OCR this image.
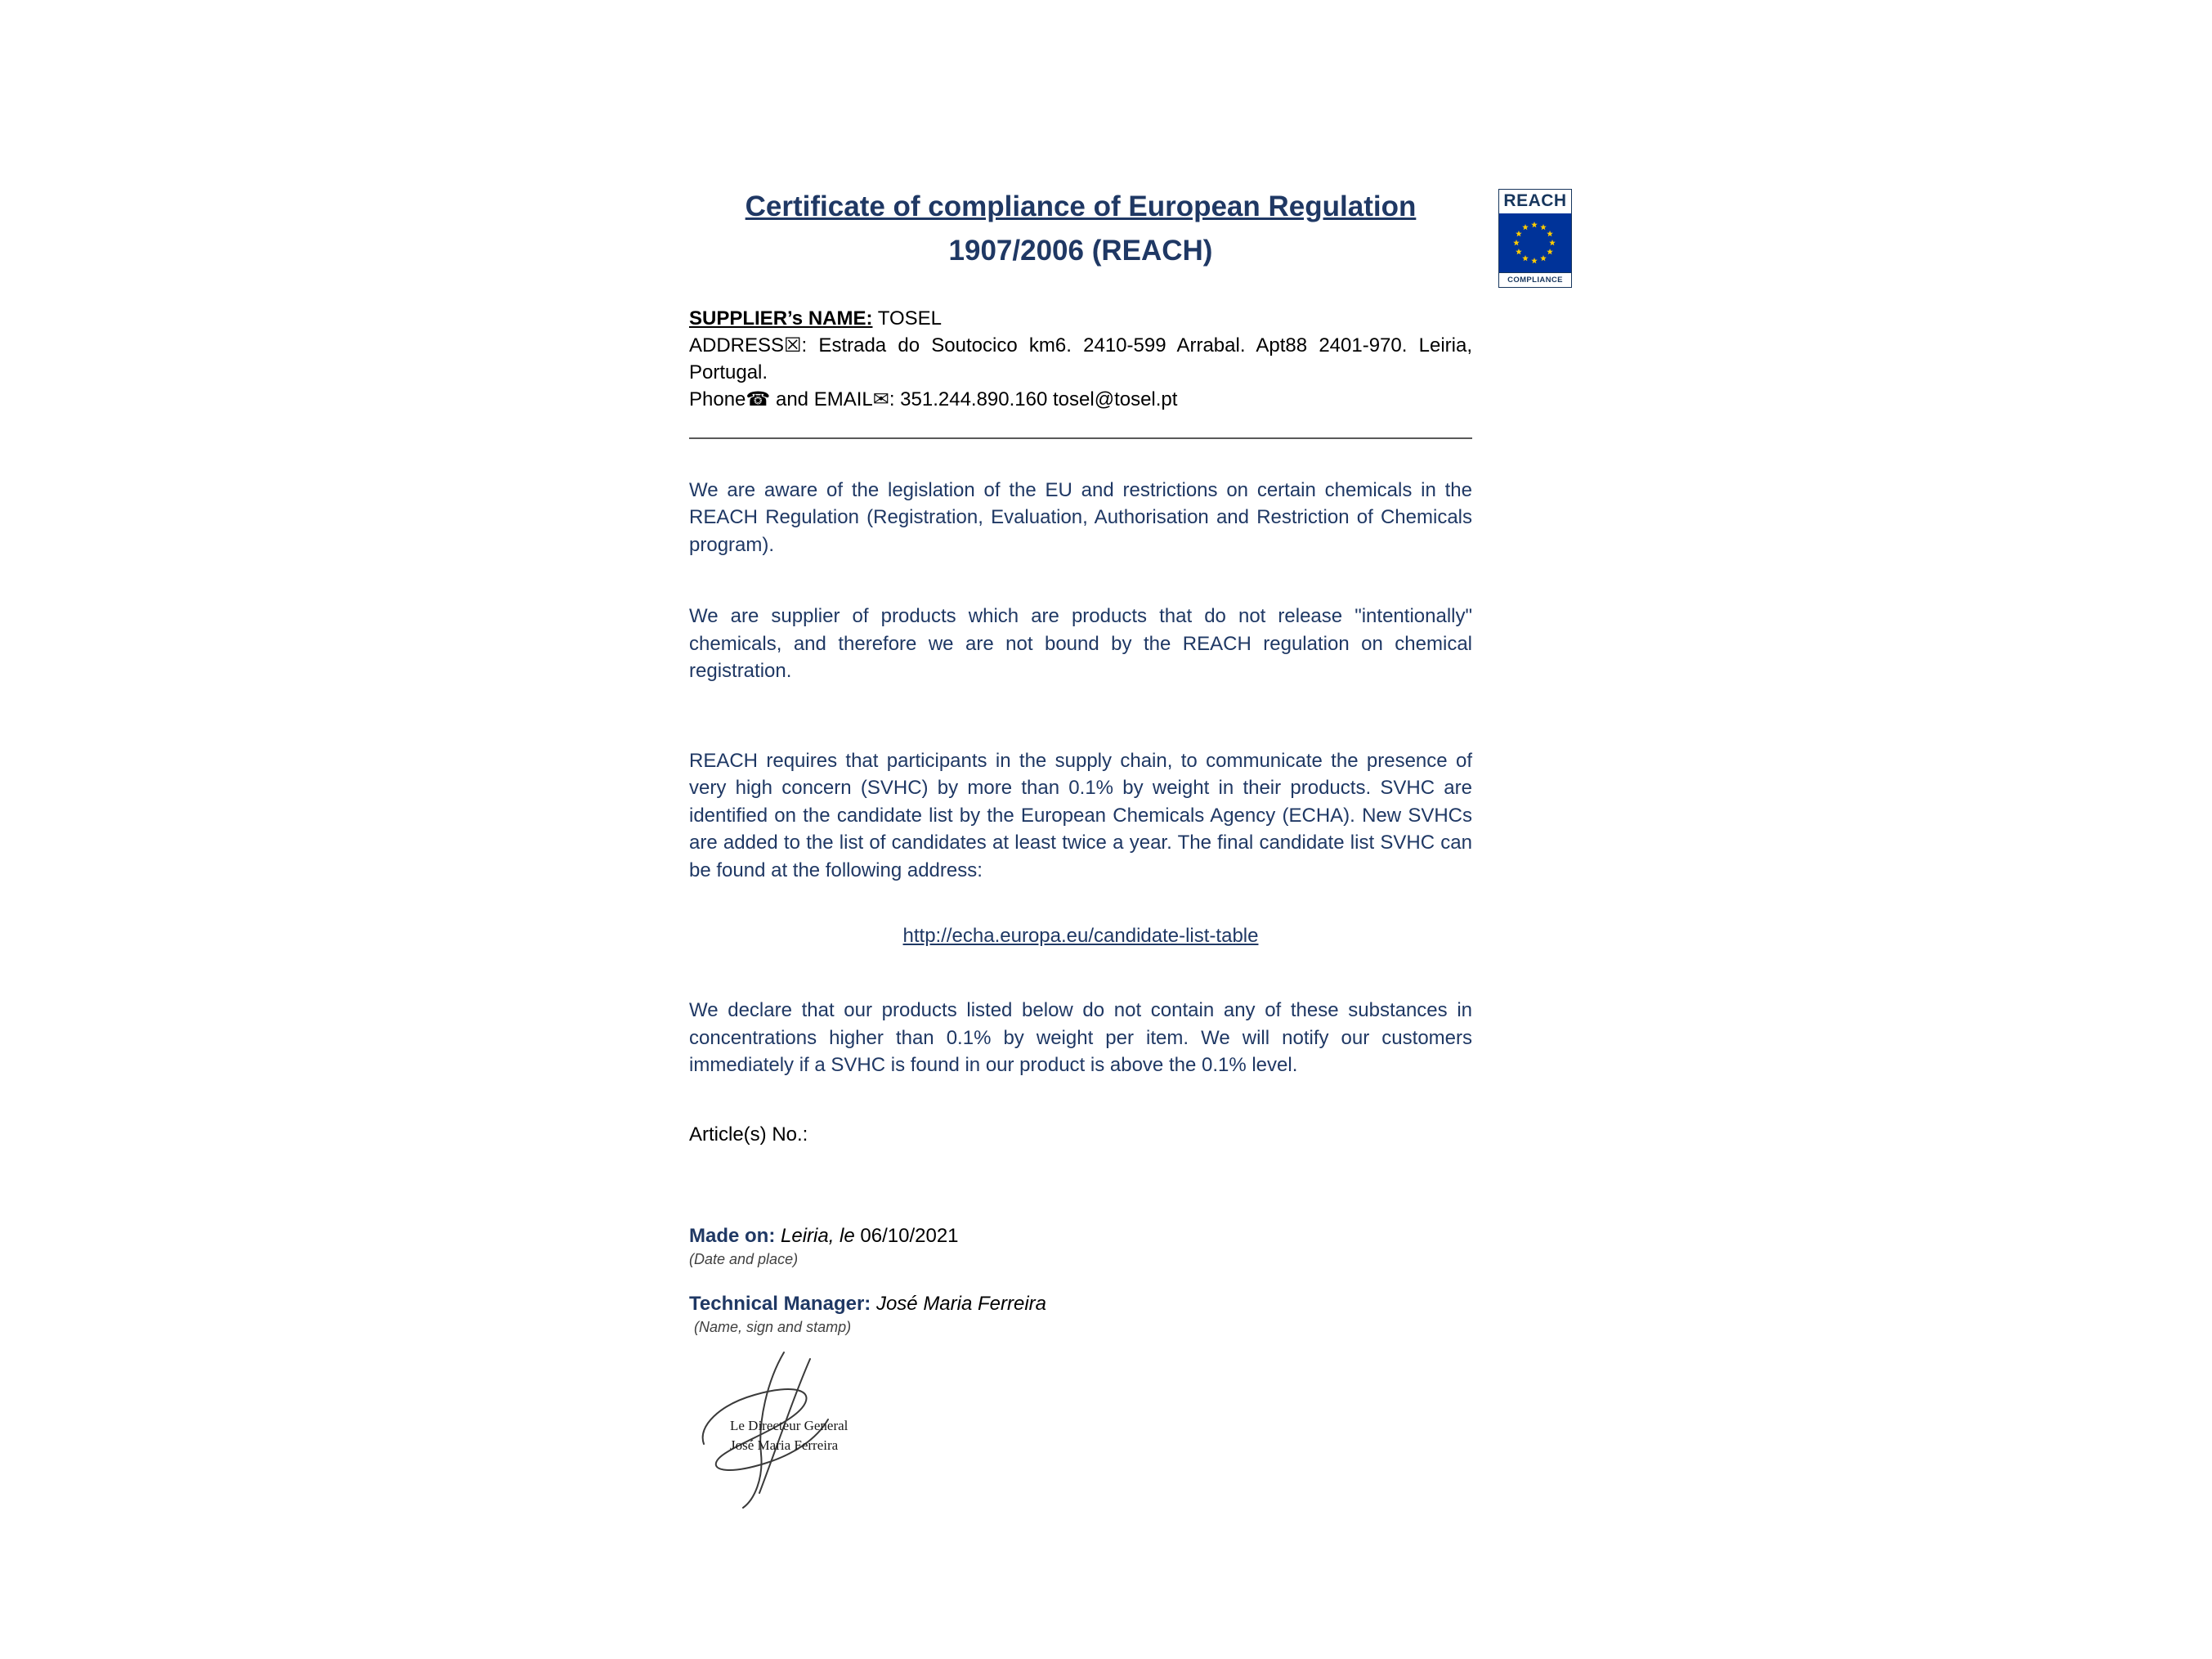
Certificate of compliance of European Regulation
1907/2006 (REACH)

SUPPLIER’s NAME: TOSEL

ADDRESS☒: Estrada do Soutocico km6. 2410-599 Arrabal. Apt88 2401-970. Leiria, Portugal.

Phone☎ and EMAIL✉: 351.244.890.160 tosel@tosel.pt

We are aware of the legislation of the EU and restrictions on certain chemicals in the REACH Regulation (Registration, Evaluation, Authorisation and Restriction of Chemicals program).

We are supplier of products which are products that do not release "intentionally" chemicals, and therefore we are not bound by the REACH regulation on chemical registration.

REACH requires that participants in the supply chain, to communicate the presence of very high concern (SVHC) by more than 0.1% by weight in their products. SVHC are identified on the candidate list by the European Chemicals Agency (ECHA). New SVHCs are added to the list of candidates at least twice a year. The final candidate list SVHC can be found at the following address:

http://echa.europa.eu/candidate-list-table

We declare that our products listed below do not contain any of these substances in concentrations higher than 0.1% by weight per item. We will notify our customers immediately if a SVHC is found in our product is above the 0.1% level.

Article(s) No.:

Made on: Leiria, le 06/10/2021
(Date and place)
Technical Manager: José Maria Ferreira
(Name, sign and stamp)
Le Directeur General
José Maria Ferreira
REACH
COMPLIANCE
